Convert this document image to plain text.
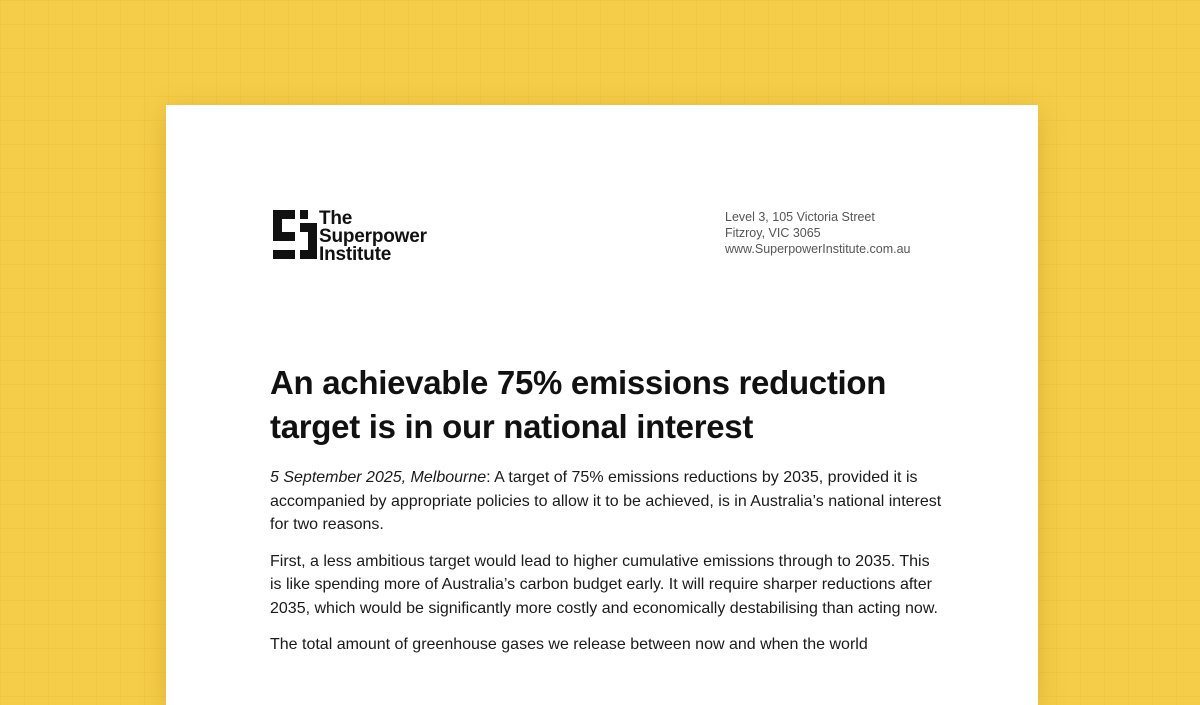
The
Superpower
Institute
Level 3, 105 Victoria Street
Fitzroy, VIC 3065
www.SuperpowerInstitute.com.au
An achievable 75% emissions reduction
target is in our national interest

5 September 2025, Melbourne: A target of 75% emissions reductions by 2035, provided it is accompanied by appropriate policies to allow it to be achieved, is in Australia’s national interest for two reasons.

First, a less ambitious target would lead to higher cumulative emissions through to 2035. This is like spending more of Australia’s carbon budget early. It will require sharper reductions after 2035, which would be significantly more costly and economically destabilising than acting now.

The total amount of greenhouse gases we release between now and when the world
